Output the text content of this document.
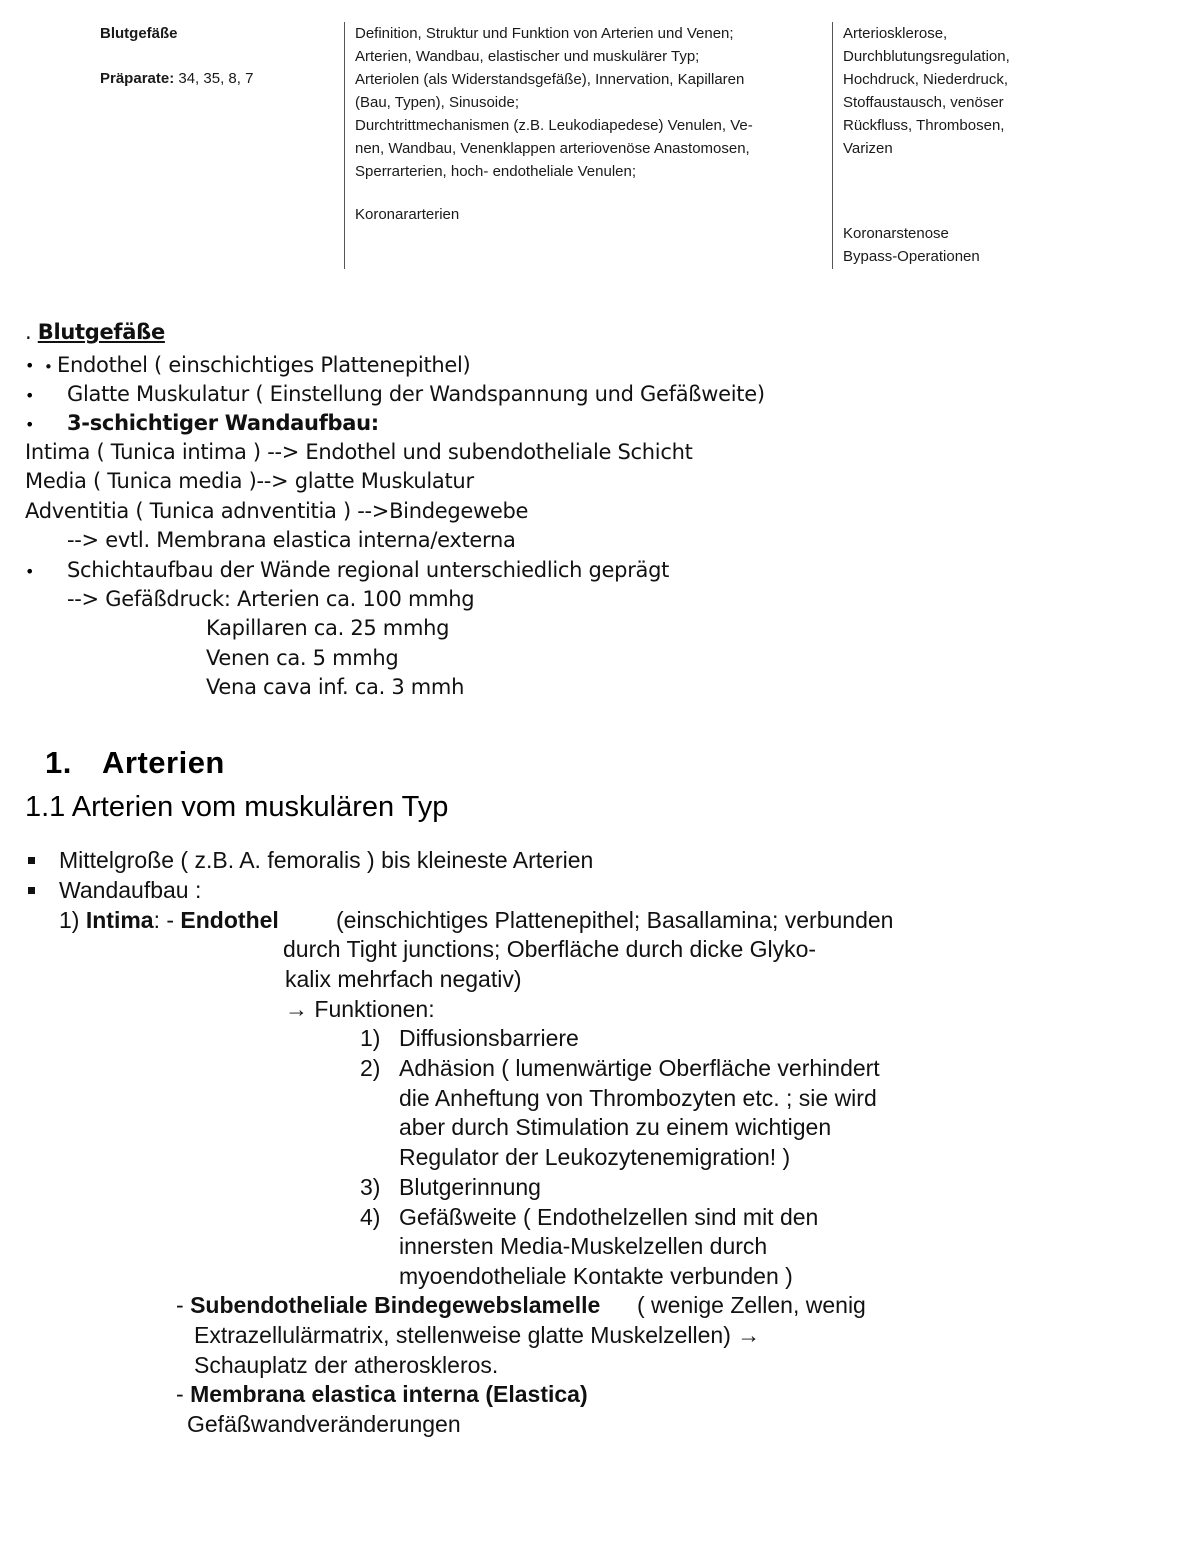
Blutgefäße
Präparate: 34, 35, 8, 7
Definition, Struktur und Funktion von Arterien und Venen;
Arterien, Wandbau, elastischer und muskulärer Typ;
Arteriolen (als Widerstandsgefäße), Innervation, Kapillaren
(Bau, Typen), Sinusoide;
Durchtrittmechanismen (z.B. Leukodiapedese) Venulen, Ve-
nen, Wandbau, Venenklappen arteriovenöse Anastomosen,
Sperrarterien, hoch- endotheliale Venulen;
Koronararterien
Arteriosklerose,
Durchblutungsregulation,
Hochdruck, Niederdruck,
Stoffaustausch, venöser
Rückfluss, Thrombosen,
Varizen
Koronarstenose
Bypass-Operationen
. Blutgefäße
• • Endothel ( einschichtiges Plattenepithel)
• Glatte Muskulatur ( Einstellung der Wandspannung und Gefäßweite)
• 3-schichtiger Wandaufbau:
Intima ( Tunica intima ) --> Endothel und subendotheliale Schicht
Media ( Tunica media )--> glatte Muskulatur
Adventitia ( Tunica adnventitia ) -->Bindegewebe
--> evtl. Membrana elastica interna/externa
• Schichtaufbau der Wände regional unterschiedlich geprägt
--> Gefäßdruck: Arterien ca. 100 mmhg
Kapillaren ca. 25 mmhg
Venen ca. 5 mmhg
Vena cava inf. ca. 3 mmh
1. Arterien
1.1 Arterien vom muskulären Typ
Mittelgroße ( z.B. A. femoralis ) bis kleineste Arterien
Wandaufbau :
1) Intima: - Endothel (einschichtiges Plattenepithel; Basallamina; verbunden
durch Tight junctions; Oberfläche durch dicke Glyko-
kalix mehrfach negativ)
→ Funktionen:
1) Diffusionsbarriere
2) Adhäsion ( lumenwärtige Oberfläche verhindert
die Anheftung von Thrombozyten etc. ; sie wird
aber durch Stimulation zu einem wichtigen
Regulator der Leukozytenemigration! )
3) Blutgerinnung
4) Gefäßweite ( Endothelzellen sind mit den
innersten Media-Muskelzellen durch
myoendotheliale Kontakte verbunden )
- Subendotheliale Bindegewebslamelle ( wenige Zellen, wenig
Extrazellulärmatrix, stellenweise glatte Muskelzellen) →
Schauplatz der atheroskleros.
- Membrana elastica interna (Elastica)
Gefäßwandveränderungen
